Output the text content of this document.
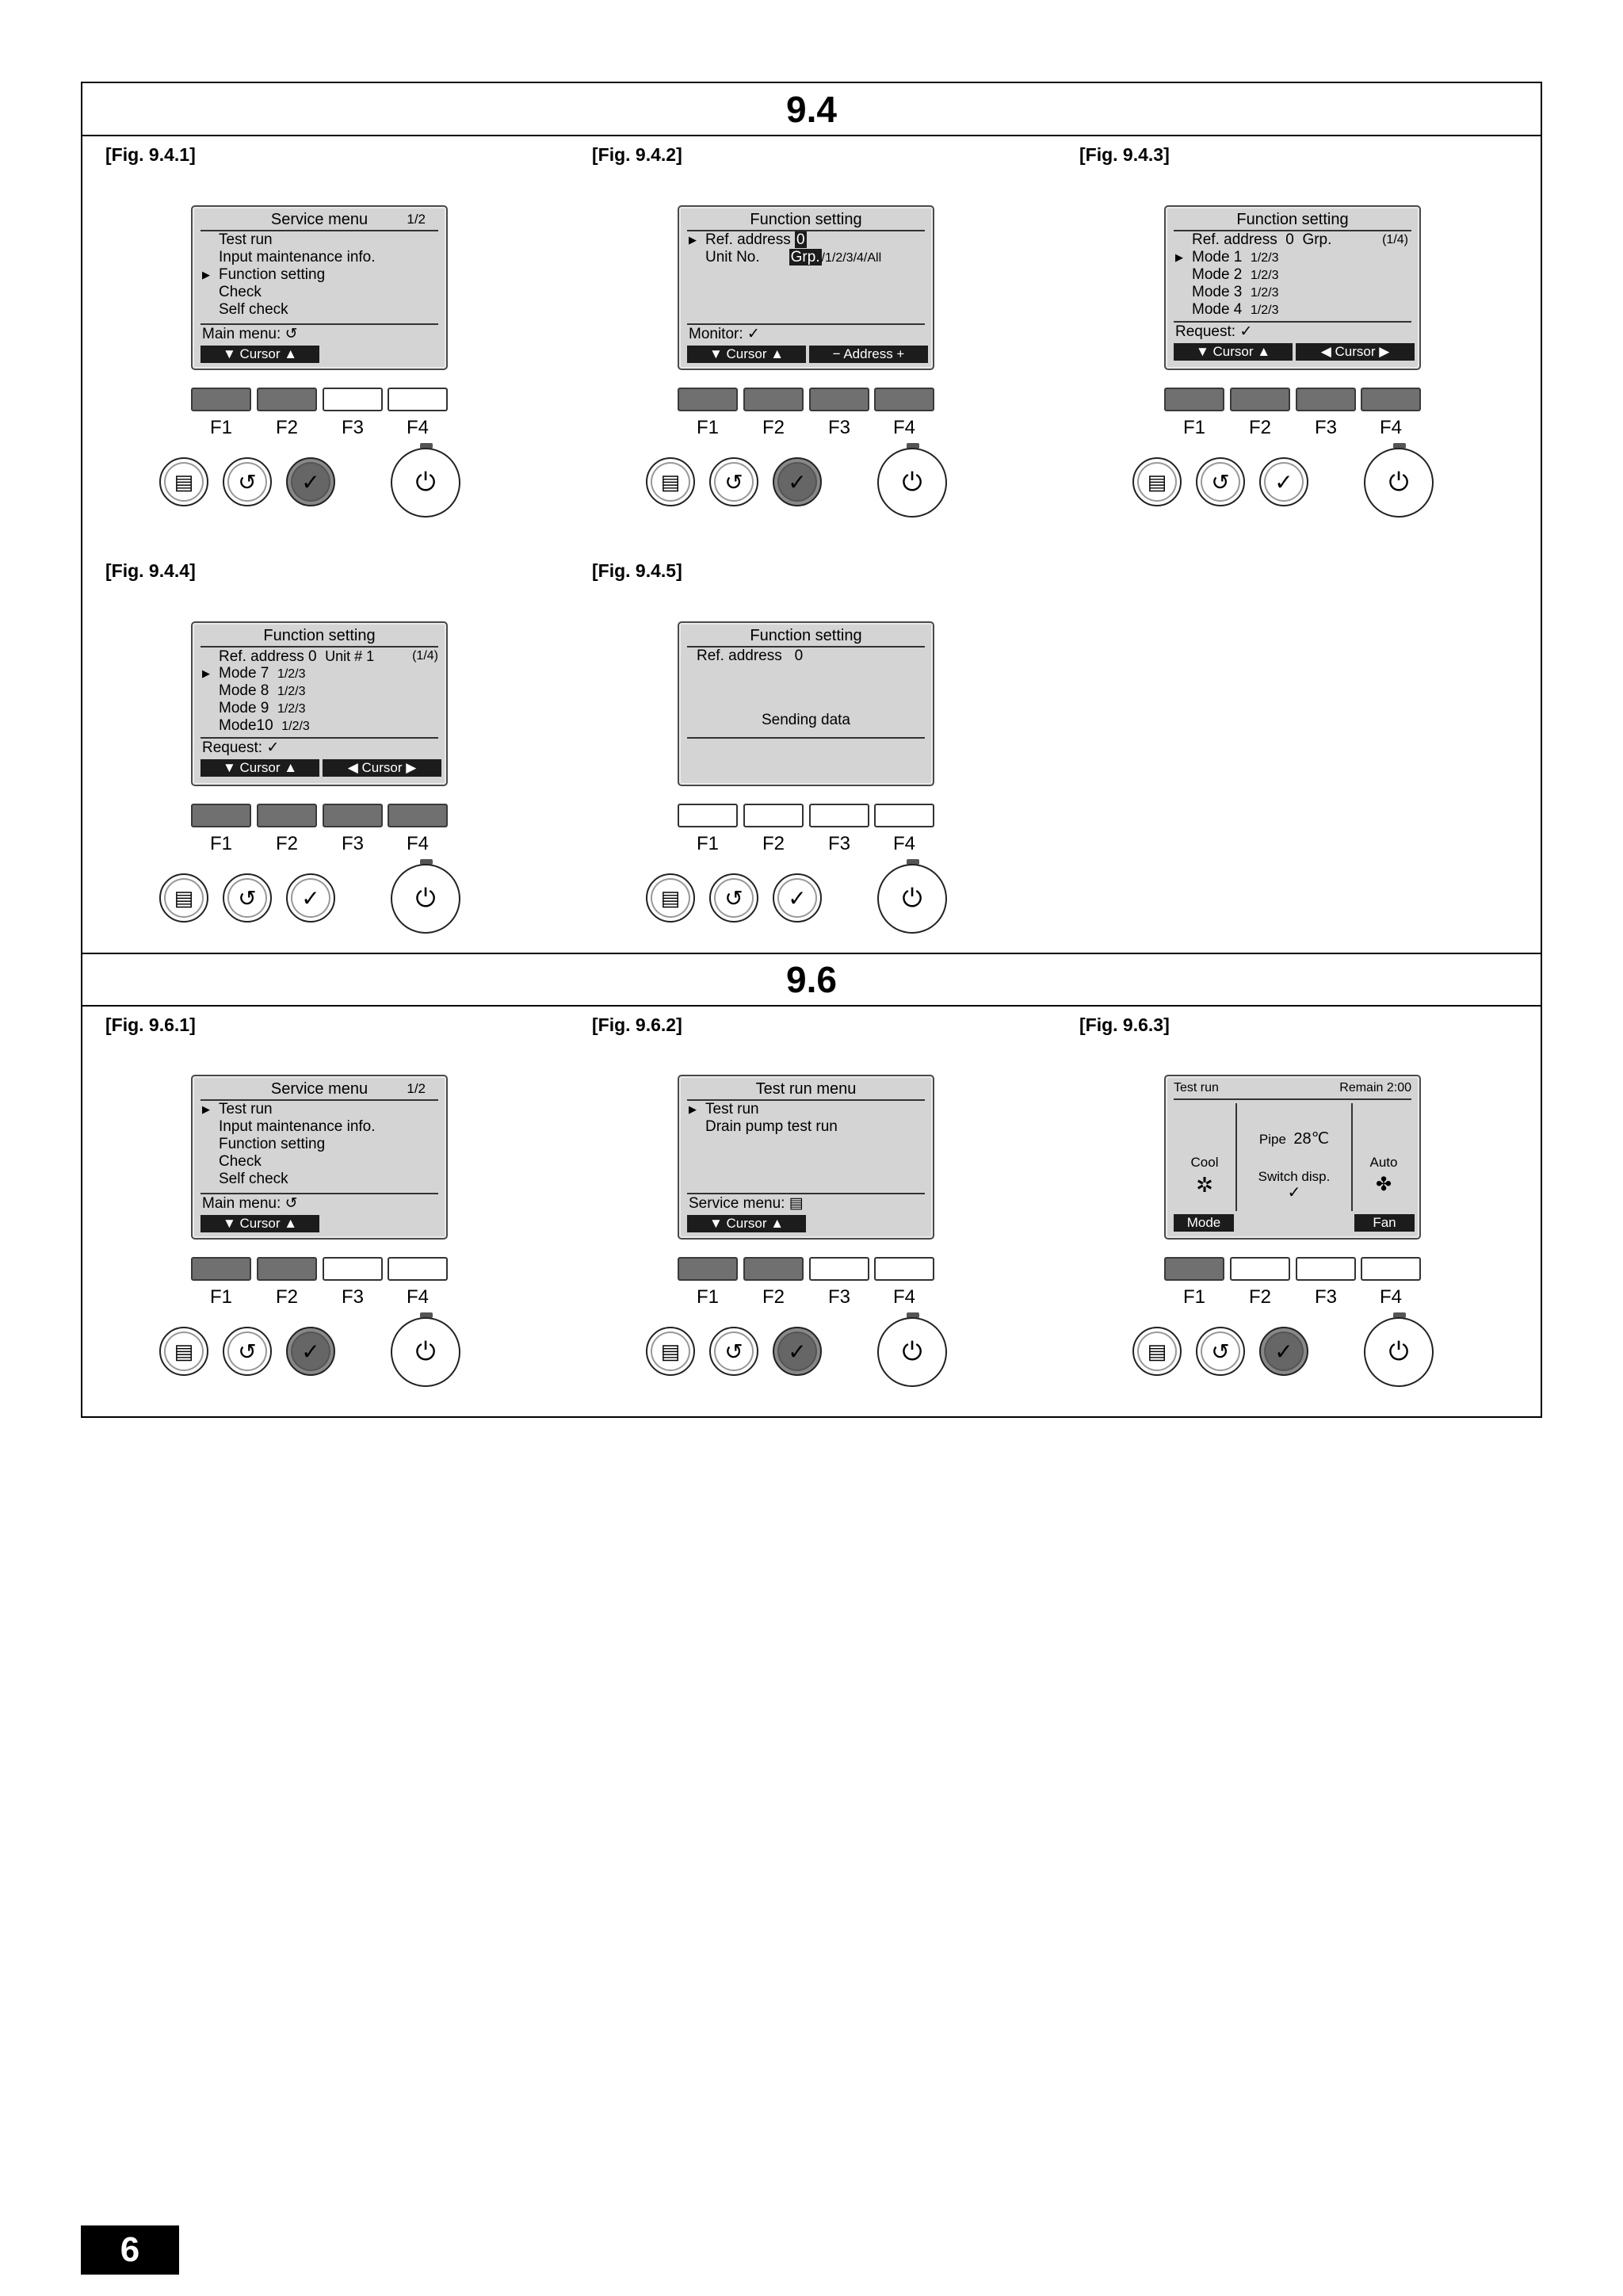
9.4
9.6
[Fig. 9.4.1]	[Fig. 9.4.2]	[Fig. 9.4.3]
[Fig. 9.4.4]	[Fig. 9.4.5]
[Fig. 9.6.1]	[Fig. 9.6.2]	[Fig. 9.6.3]
Service menu	1/2
Test run
Input maintenance info.
▶ Function setting
Check
Self check
Main menu: ↺
▼ Cursor ▲
F1	F2	F3	F4
▤ ↺ ✓	⏻
Function setting
▶ Ref. address 0
Unit No. Grp. /1/2/3/4/All
Monitor: ✓
▼ Cursor ▲	− Address +
F1	F2	F3	F4
▤ ↺ ✓	⏻
Function setting
Ref. address 0 Grp.	(1/4)
▶ Mode 1 1/2/3
Mode 2 1/2/3
Mode 3 1/2/3
Mode 4 1/2/3
Request: ✓
▼ Cursor ▲	◀ Cursor ▶
F1	F2	F3	F4
▤ ↺ ✓	⏻
Function setting
Ref. address 0 Unit # 1	(1/4)
▶ Mode 7 1/2/3
Mode 8 1/2/3
Mode 9 1/2/3
Mode10 1/2/3
Request: ✓
▼ Cursor ▲	◀ Cursor ▶
F1	F2	F3	F4
▤ ↺ ✓	⏻
Function setting
Ref. address 0
Sending data
F1	F2	F3	F4
▤ ↺ ✓	⏻
Service menu	1/2
▶ Test run
Input maintenance info.
Function setting
Check
Self check
Main menu: ↺
▼ Cursor ▲
F1	F2	F3	F4
▤ ↺ ✓	⏻
Test run menu
▶ Test run
Drain pump test run
Service menu: ▤
▼ Cursor ▲
F1	F2	F3	F4
▤ ↺ ✓	⏻
Test run	Remain 2:00
Cool
✲
Pipe 28℃
Switch disp.
✓
Auto
✤
Mode	Fan
F1	F2	F3	F4
▤ ↺ ✓	⏻
6
